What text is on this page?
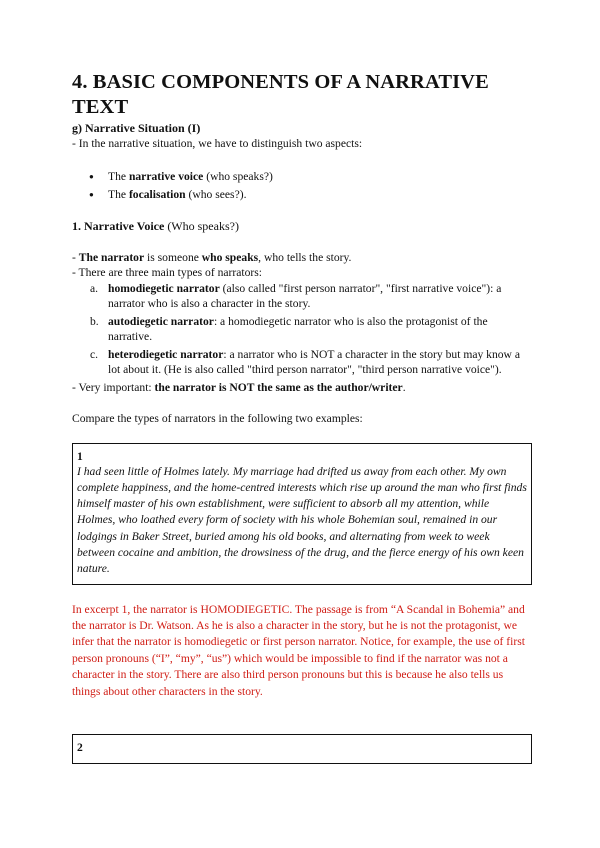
4. BASIC COMPONENTS OF A NARRATIVE TEXT
g) Narrative Situation (I)
- In the narrative situation, we have to distinguish two aspects:
● The narrative voice (who speaks?)
● The focalisation (who sees?).
1. Narrative Voice (Who speaks?)
- The narrator is someone who speaks, who tells the story.
- There are three main types of narrators:
a. homodiegetic narrator (also called "first person narrator", "first narrative voice"): a narrator who is also a character in the story.
b. autodiegetic narrator: a homodiegetic narrator who is also the protagonist of the narrative.
c. heterodiegetic narrator: a narrator who is NOT a character in the story but may know a lot about it. (He is also called "third person narrator", "third person narrative voice").
- Very important: the narrator is NOT the same as the author/writer.
Compare the types of narrators in the following two examples:
1
I had seen little of Holmes lately. My marriage had drifted us away from each other. My own complete happiness, and the home-centred interests which rise up around the man who first finds himself master of his own establishment, were sufficient to absorb all my attention, while Holmes, who loathed every form of society with his whole Bohemian soul, remained in our lodgings in Baker Street, buried among his old books, and alternating from week to week between cocaine and ambition, the drowsiness of the drug, and the fierce energy of his own keen nature.
In excerpt 1, the narrator is HOMODIEGETIC. The passage is from “A Scandal in Bohemia” and the narrator is Dr. Watson. As he is also a character in the story, but he is not the protagonist, we infer that the narrator is homodiegetic or first person narrator. Notice, for example, the use of first person pronouns (“I”, “my”, “us”) which would be impossible to find if the narrator was not a character in the story. There are also third person pronouns but this is because he also tells us things about other characters in the story.
2
